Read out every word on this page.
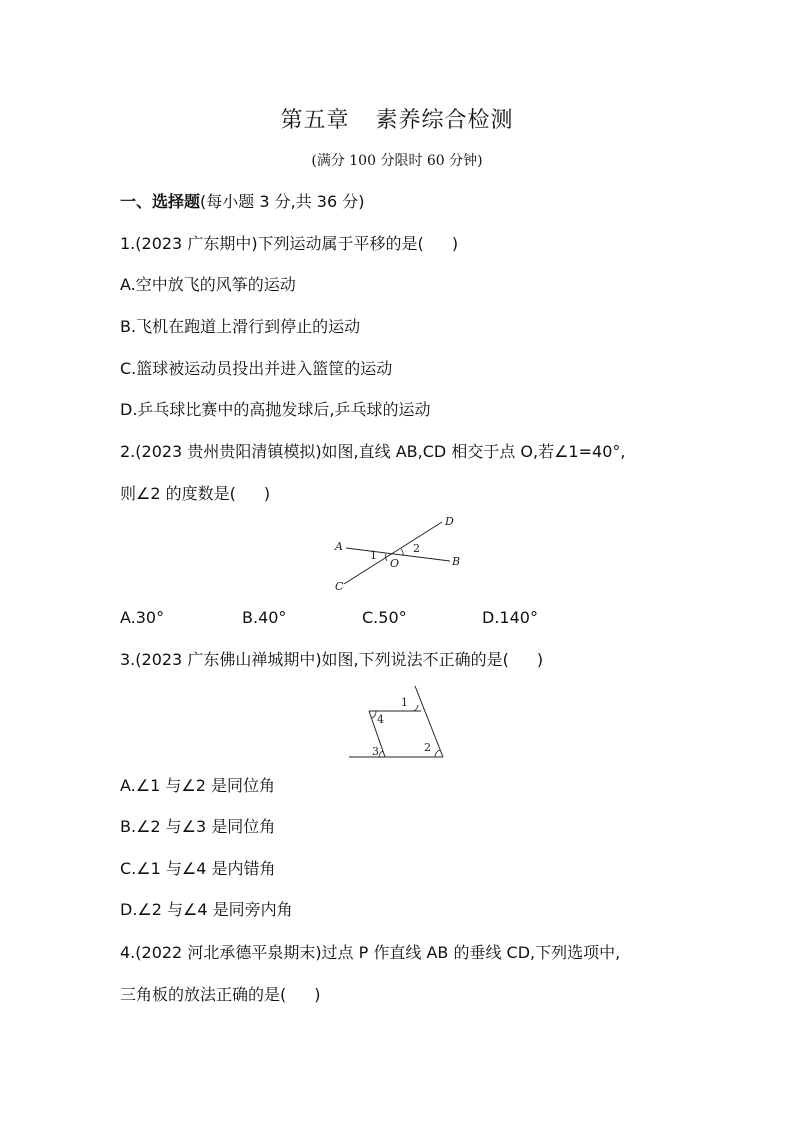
第五章 素养综合检测
(满分 100 分限时 60 分钟)
一、选择题(每小题 3 分,共 36 分)
1.(2023 广东期中)下列运动属于平移的是( )
A.空中放飞的风筝的运动
B.飞机在跑道上滑行到停止的运动
C.篮球被运动员投出并进入篮筐的运动
D.乒乓球比赛中的高抛发球后,乒乓球的运动
2.(2023 贵州贵阳清镇模拟)如图,直线 AB,CD 相交于点 O,若∠1=40°,
则∠2 的度数是( )
A
B
C
D
O
1
2
A.30°	B.40°	C.50°	D.140°
3.(2023 广东佛山禅城期中)如图,下列说法不正确的是( )
1
2
3
4
A.∠1 与∠2 是同位角
B.∠2 与∠3 是同位角
C.∠1 与∠4 是内错角
D.∠2 与∠4 是同旁内角
4.(2022 河北承德平泉期末)过点 P 作直线 AB 的垂线 CD,下列选项中,
三角板的放法正确的是( )
